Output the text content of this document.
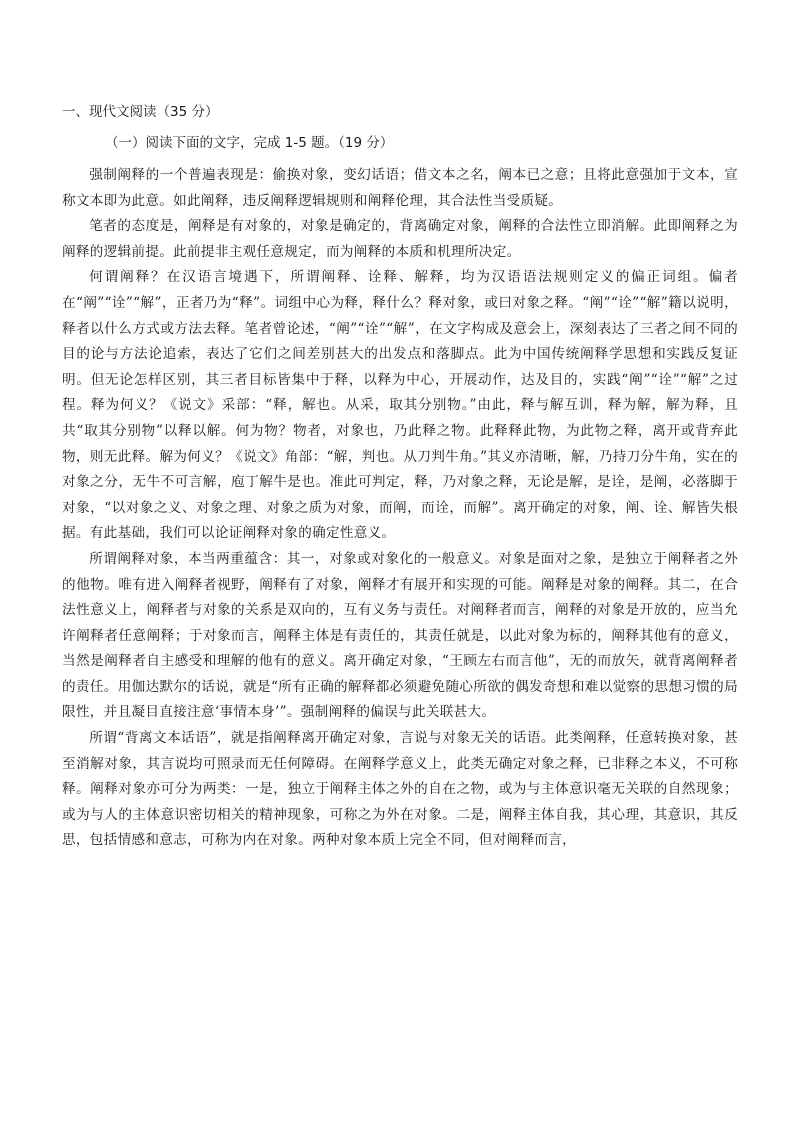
一、现代文阅读（35 分）
（一）阅读下面的文字，完成 1-5 题。（19 分）

强制阐释的一个普遍表现是：偷换对象，变幻话语；借文本之名，阐本已之意；且将此意强加于文本，宣称文本即为此意。如此阐释，违反阐释逻辑规则和阐释伦理，其合法性当受质疑。

笔者的态度是，阐释是有对象的，对象是确定的，背离确定对象，阐释的合法性立即消解。此即阐释之为阐释的逻辑前提。此前提非主观任意规定，而为阐释的本质和机理所决定。

何谓阐释？在汉语言境遇下，所谓阐释、诠释、解释，均为汉语语法规则定义的偏正词组。偏者在“阐”“诠”“解”，正者乃为“释”。词组中心为释，释什么？释对象，或曰对象之释。“阐”“诠”“解”籍以说明，释者以什么方式或方法去释。笔者曾论述，“阐”“诠”“解”，在文字构成及意会上，深刻表达了三者之间不同的目的论与方法论追索，表达了它们之间差别甚大的出发点和落脚点。此为中国传统阐释学思想和实践反复证明。但无论怎样区别，其三者目标皆集中于释，以释为中心，开展动作，达及目的，实践“阐”“诠”“解”之过程。释为何义？《说文》采部：“释，解也。从采，取其分别物。”由此，释与解互训，释为解，解为释，且共“取其分别物”以释以解。何为物？物者，对象也，乃此释之物。此释释此物，为此物之释，离开或背弃此物，则无此释。解为何义？《说文》角部：“解，判也。从刀判牛角。”其义亦清晰，解，乃持刀分牛角，实在的对象之分，无牛不可言解，庖丁解牛是也。准此可判定，释，乃对象之释，无论是解，是诠，是阐，必落脚于对象，“以对象之义、对象之理、对象之质为对象，而阐，而诠，而解”。离开确定的对象，阐、诠、解皆失根据。有此基础，我们可以论证阐释对象的确定性意义。

所谓阐释对象，本当两重蕴含：其一，对象或对象化的一般意义。对象是面对之象，是独立于阐释者之外的他物。唯有进入阐释者视野，阐释有了对象，阐释才有展开和实现的可能。阐释是对象的阐释。其二，在合法性意义上，阐释者与对象的关系是双向的，互有义务与责任。对阐释者而言，阐释的对象是开放的，应当允许阐释者任意阐释；于对象而言，阐释主体是有责任的，其责任就是，以此对象为标的，阐释其他有的意义，当然是阐释者自主感受和理解的他有的意义。离开确定对象，“王顾左右而言他”，无的而放矢，就背离阐释者的责任。用伽达默尔的话说，就是“所有正确的解释都必须避免随心所欲的偶发奇想和难以觉察的思想习惯的局限性，并且凝目直接注意‘事情本身’”。强制阐释的偏误与此关联甚大。

所谓“背离文本话语”，就是指阐释离开确定对象，言说与对象无关的话语。此类阐释，任意转换对象，甚至消解对象，其言说均可照录而无任何障碍。在阐释学意义上，此类无确定对象之释，已非释之本义，不可称释。阐释对象亦可分为两类：一是，独立于阐释主体之外的自在之物，或为与主体意识毫无关联的自然现象；或为与人的主体意识密切相关的精神现象，可称之为外在对象。二是，阐释主体自我，其心理，其意识，其反思，包括情感和意志，可称为内在对象。两种对象本质上完全不同，但对阐释而言，
